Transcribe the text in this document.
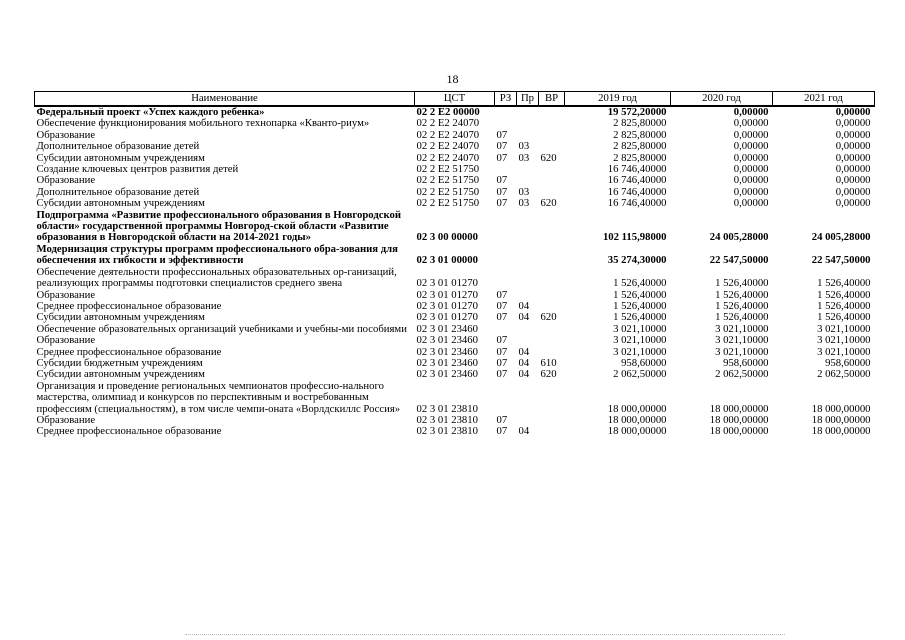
18
Наименование	ЦСТ	РЗ	Пр	ВР	2019 год	2020 год	2021 год
Федеральный проект «Успех каждого ребенка»	02 2 E2 00000				19 572,20000	0,00000	0,00000
Обеспечение функционирования мобильного технопарка «Кванто-риум»	02 2 E2 24070				2 825,80000	0,00000	0,00000
Образование	02 2 E2 24070	07			2 825,80000	0,00000	0,00000
Дополнительное образование детей	02 2 E2 24070	07	03		2 825,80000	0,00000	0,00000
Субсидии автономным учреждениям	02 2 E2 24070	07	03	620	2 825,80000	0,00000	0,00000
Создание ключевых центров развития детей	02 2 E2 51750				16 746,40000	0,00000	0,00000
Образование	02 2 E2 51750	07			16 746,40000	0,00000	0,00000
Дополнительное образование детей	02 2 E2 51750	07	03		16 746,40000	0,00000	0,00000
Субсидии автономным учреждениям	02 2 E2 51750	07	03	620	16 746,40000	0,00000	0,00000
Подпрограмма «Развитие профессионального образования в Новгородской области» государственной программы Новгород-ской области «Развитие образования в Новгородской области на 2014-2021 годы»	02 3 00 00000				102 115,98000	24 005,28000	24 005,28000
Модернизация структуры программ профессионального обра-зования для обеспечения их гибкости и эффективности	02 3 01 00000				35 274,30000	22 547,50000	22 547,50000
Обеспечение деятельности профессиональных образовательных ор-ганизаций, реализующих программы подготовки специалистов среднего звена	02 3 01 01270				1 526,40000	1 526,40000	1 526,40000
Образование	02 3 01 01270	07			1 526,40000	1 526,40000	1 526,40000
Среднее профессиональное образование	02 3 01 01270	07	04		1 526,40000	1 526,40000	1 526,40000
Субсидии автономным учреждениям	02 3 01 01270	07	04	620	1 526,40000	1 526,40000	1 526,40000
Обеспечение образовательных организаций учебниками и учебны-ми пособиями	02 3 01 23460				3 021,10000	3 021,10000	3 021,10000
Образование	02 3 01 23460	07			3 021,10000	3 021,10000	3 021,10000
Среднее профессиональное образование	02 3 01 23460	07	04		3 021,10000	3 021,10000	3 021,10000
Субсидии бюджетным учреждениям	02 3 01 23460	07	04	610	958,60000	958,60000	958,60000
Субсидии автономным учреждениям	02 3 01 23460	07	04	620	2 062,50000	2 062,50000	2 062,50000
Организация и проведение региональных чемпионатов профессио-нального мастерства, олимпиад и конкурсов по перспективным и востребованным профессиям (специальностям), в том числе чемпи-оната «Ворлдскиллс Россия»	02 3 01 23810				18 000,00000	18 000,00000	18 000,00000
Образование	02 3 01 23810	07			18 000,00000	18 000,00000	18 000,00000
Среднее профессиональное образование	02 3 01 23810	07	04		18 000,00000	18 000,00000	18 000,00000
